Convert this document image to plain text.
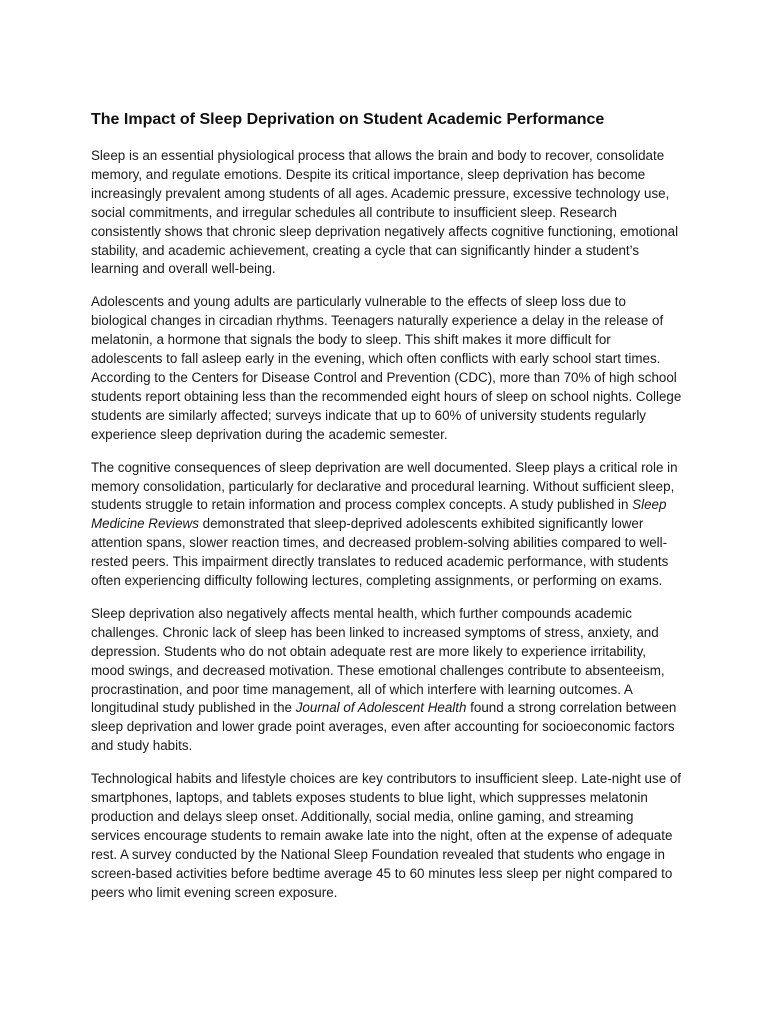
The Impact of Sleep Deprivation on Student Academic Performance

Sleep is an essential physiological process that allows the brain and body to recover, consolidate memory, and regulate emotions. Despite its critical importance, sleep deprivation has become increasingly prevalent among students of all ages. Academic pressure, excessive technology use, social commitments, and irregular schedules all contribute to insufficient sleep. Research consistently shows that chronic sleep deprivation negatively affects cognitive functioning, emotional stability, and academic achievement, creating a cycle that can significantly hinder a student’s learning and overall well-being.

Adolescents and young adults are particularly vulnerable to the effects of sleep loss due to biological changes in circadian rhythms. Teenagers naturally experience a delay in the release of melatonin, a hormone that signals the body to sleep. This shift makes it more difficult for adolescents to fall asleep early in the evening, which often conflicts with early school start times. According to the Centers for Disease Control and Prevention (CDC), more than 70% of high school students report obtaining less than the recommended eight hours of sleep on school nights. College students are similarly affected; surveys indicate that up to 60% of university students regularly experience sleep deprivation during the academic semester.

The cognitive consequences of sleep deprivation are well documented. Sleep plays a critical role in memory consolidation, particularly for declarative and procedural learning. Without sufficient sleep, students struggle to retain information and process complex concepts. A study published in Sleep Medicine Reviews demonstrated that sleep-deprived adolescents exhibited significantly lower attention spans, slower reaction times, and decreased problem-solving abilities compared to well-rested peers. This impairment directly translates to reduced academic performance, with students often experiencing difficulty following lectures, completing assignments, or performing on exams.

Sleep deprivation also negatively affects mental health, which further compounds academic challenges. Chronic lack of sleep has been linked to increased symptoms of stress, anxiety, and depression. Students who do not obtain adequate rest are more likely to experience irritability, mood swings, and decreased motivation. These emotional challenges contribute to absenteeism, procrastination, and poor time management, all of which interfere with learning outcomes. A longitudinal study published in the Journal of Adolescent Health found a strong correlation between sleep deprivation and lower grade point averages, even after accounting for socioeconomic factors and study habits.

Technological habits and lifestyle choices are key contributors to insufficient sleep. Late-night use of smartphones, laptops, and tablets exposes students to blue light, which suppresses melatonin production and delays sleep onset. Additionally, social media, online gaming, and streaming services encourage students to remain awake late into the night, often at the expense of adequate rest. A survey conducted by the National Sleep Foundation revealed that students who engage in screen-based activities before bedtime average 45 to 60 minutes less sleep per night compared to peers who limit evening screen exposure.
